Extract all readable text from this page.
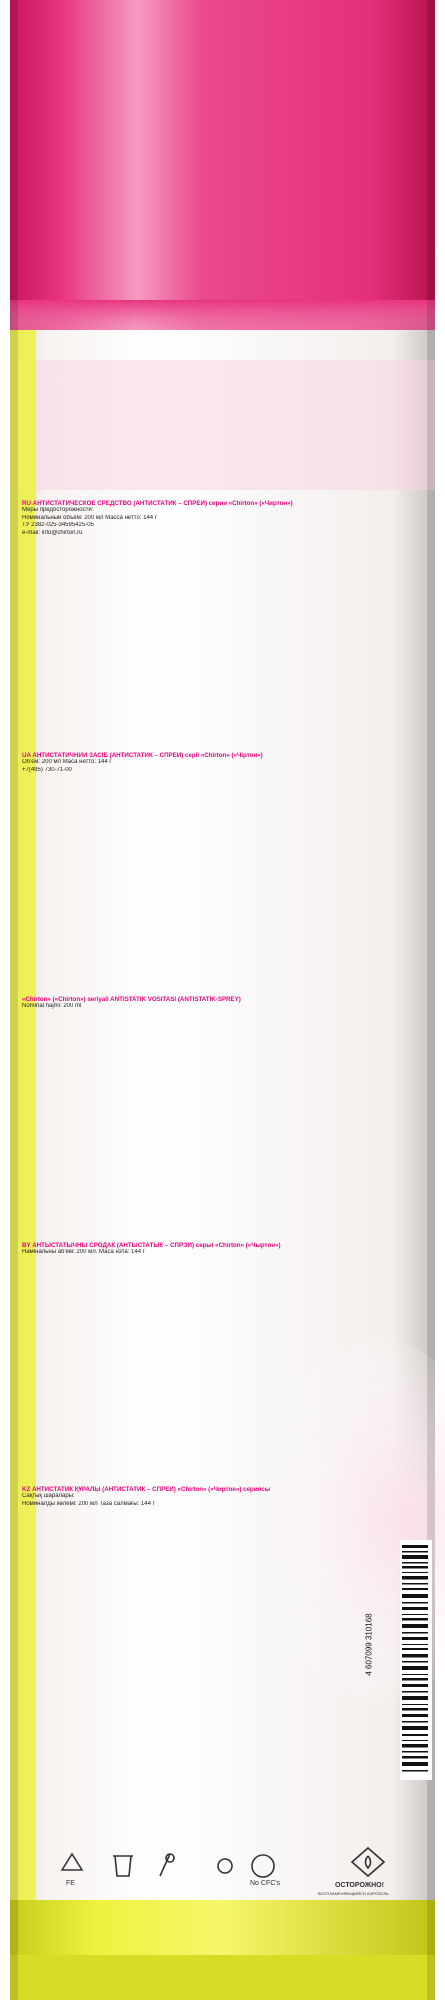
RU АНТИСТАТИЧЕСКОЕ СРЕДСТВО (АНТИСТАТИК – СПРЕЙ) серии «Chirton» («Чиртон»)
Меры предосторожности:
Номинальный объем: 200 мл Масса нетто: 144 г
ТУ 2382-025-34595425-05
e-mail: info@chirton.ru
UA АНТИСТАТИЧНИЙ ЗАСІБ (АНТИСТАТИК – СПРЕЙ) серії «Chirton» («Чіртон»)
Об'єм: 200 мл Маса нетто: 144 г
+7(495) 730-71-00
«Chirton» («Chirton») seriyali ANTISTATIK VOSITASI (ANTISTATIK-SPREY)
Nominal hajmi: 200 ml
BY АНТЫСТАТЫЧНЫ СРОДАК (АНТЫСТАТЫК – СПРЭЙ) серыі «Chirton» («Чыртон»)
Намінальны аб'ём: 200 мл. Маса нэта: 144 г
KZ АНТИСТАТИК ҚҰРАЛЫ (АНТИСТАТИК – СПРЕЙ) «Chirton» («Чиртон») сериясы
Сақтық шаралары:
Номиналды көлемі: 200 мл Таза салмағы: 144 г
FE	No CFC's	ОСТОРОЖНО!
ВОСПЛАМЕНЯЮЩИЙСЯ АЭРОЗОЛЬ
4 607099 310168
